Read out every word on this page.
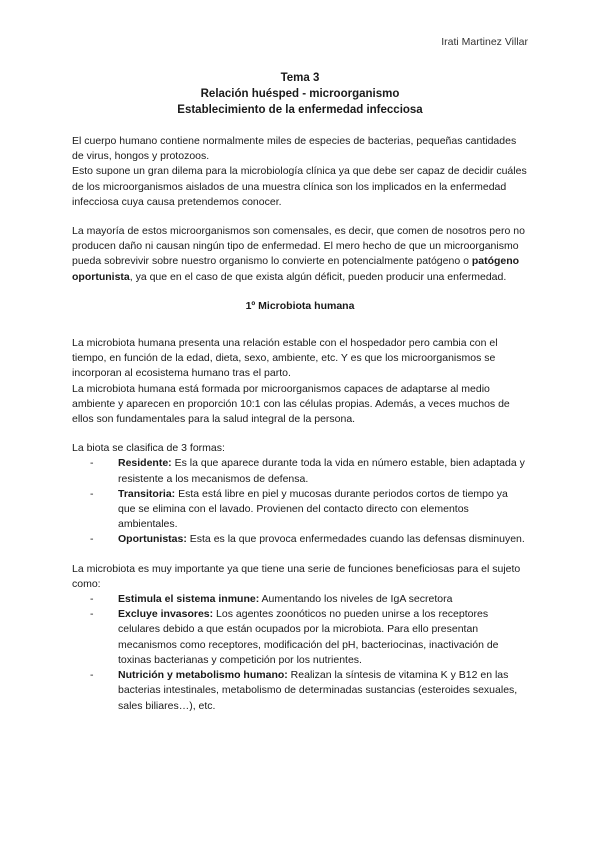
Irati Martinez Villar
Tema 3
Relación huésped - microorganismo
Establecimiento de la enfermedad infecciosa

El cuerpo humano contiene normalmente miles de especies de bacterias, pequeñas cantidades de virus, hongos y protozoos.

Esto supone un gran dilema para la microbiología clínica ya que debe ser capaz de decidir cuáles de los microorganismos aislados de una muestra clínica son los implicados en la enfermedad infecciosa cuya causa pretendemos conocer.

La mayoría de estos microorganismos son comensales, es decir, que comen de nosotros pero no producen daño ni causan ningún tipo de enfermedad. El mero hecho de que un microorganismo pueda sobrevivir sobre nuestro organismo lo convierte en potencialmente patógeno o patógeno oportunista, ya que en el caso de que exista algún déficit, pueden producir una enfermedad.

1º Microbiota humana

La microbiota humana presenta una relación estable con el hospedador pero cambia con el tiempo, en función de la edad, dieta, sexo, ambiente, etc. Y es que los microorganismos se incorporan al ecosistema humano tras el parto.

La microbiota humana está formada por microorganismos capaces de adaptarse al medio ambiente y aparecen en proporción 10:1 con las células propias. Además, a veces muchos de ellos son fundamentales para la salud integral de la persona.

La biota se clasifica de 3 formas:

- Residente: Es la que aparece durante toda la vida en número estable, bien adaptada y resistente a los mecanismos de defensa.
- Transitoria: Esta está libre en piel y mucosas durante periodos cortos de tiempo ya que se elimina con el lavado. Provienen del contacto directo con elementos ambientales.
- Oportunistas: Esta es la que provoca enfermedades cuando las defensas disminuyen.

La microbiota es muy importante ya que tiene una serie de funciones beneficiosas para el sujeto como:

- Estimula el sistema inmune: Aumentando los niveles de IgA secretora
- Excluye invasores: Los agentes zoonóticos no pueden unirse a los receptores celulares debido a que están ocupados por la microbiota. Para ello presentan mecanismos como receptores, modificación del pH, bacteriocinas, inactivación de toxinas bacterianas y competición por los nutrientes.
- Nutrición y metabolismo humano: Realizan la síntesis de vitamina K y B12 en las bacterias intestinales, metabolismo de determinadas sustancias (esteroides sexuales, sales biliares…), etc.
